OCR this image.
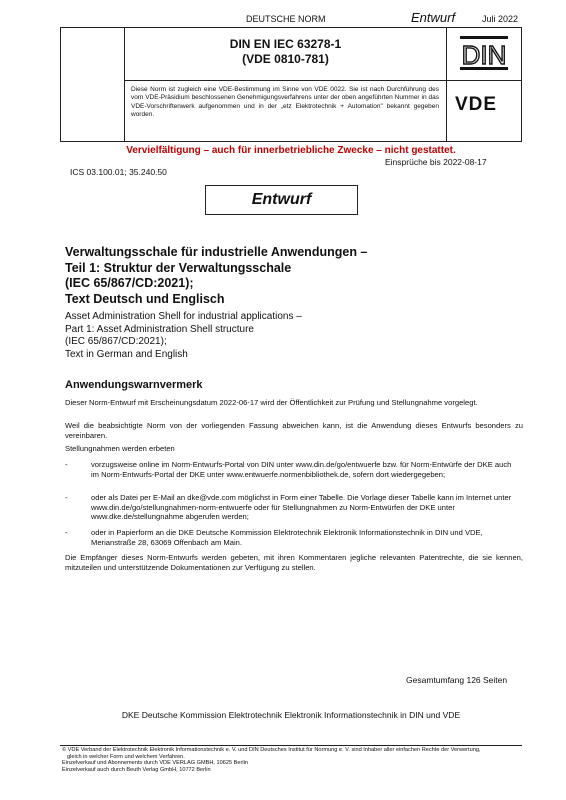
DEUTSCHE NORM	Entwurf	Juli 2022
DIN EN IEC 63278-1
(VDE 0810-781)
Diese Norm ist zugleich eine VDE-Bestimmung im Sinne von VDE 0022. Sie ist nach Durchführung des vom VDE-Präsidium beschlossenen Genehmigungsverfahrens unter der oben angeführten Nummer in das VDE-Vorschriftenwerk aufgenommen und in der „etz Elektrotechnik + Automation" bekannt gegeben worden.
DIN
VDE
Vervielfältigung – auch für innerbetriebliche Zwecke – nicht gestattet.
Einsprüche bis 2022-08-17
ICS 03.100.01; 35.240.50
Entwurf
Verwaltungsschale für industrielle Anwendungen –
Teil 1: Struktur der Verwaltungsschale
(IEC 65/867/CD:2021);
Text Deutsch und Englisch
Asset Administration Shell for industrial applications –
Part 1: Asset Administration Shell structure
(IEC 65/867/CD:2021);
Text in German and English
Anwendungswarnvermerk
Dieser Norm-Entwurf mit Erscheinungsdatum 2022-06-17 wird der Öffentlichkeit zur Prüfung und Stellungnahme vorgelegt.
Weil die beabsichtigte Norm von der vorliegenden Fassung abweichen kann, ist die Anwendung dieses Entwurfs besonders zu vereinbaren.
Stellungnahmen werden erbeten
-	vorzugsweise online im Norm-Entwurfs-Portal von DIN unter www.din.de/go/entwuerfe bzw. für Norm-Entwürfe der DKE auch im Norm-Entwurfs-Portal der DKE unter www.entwuerfe.normenbibliothek.de, sofern dort wiedergegeben;
-	oder als Datei per E-Mail an dke@vde.com möglichst in Form einer Tabelle. Die Vorlage dieser Tabelle kann im Internet unter www.din.de/go/stellungnahmen-norm-entwuerfe oder für Stellungnahmen zu Norm-Entwürfen der DKE unter www.dke.de/stellungnahme abgerufen werden;
-	oder in Papierform an die DKE Deutsche Kommission Elektrotechnik Elektronik Informationstechnik in DIN und VDE, Merianstraße 28, 63069 Offenbach am Main.
Die Empfänger dieses Norm-Entwurfs werden gebeten, mit ihren Kommentaren jegliche relevanten Patentrechte, die sie kennen, mitzuteilen und unterstützende Dokumentationen zur Verfügung zu stellen.
Gesamtumfang 126 Seiten
DKE Deutsche Kommission Elektrotechnik Elektronik Informationstechnik in DIN und VDE
© VDE Verband der Elektrotechnik Elektronik Informationstechnik e. V. und DIN Deutsches Institut für Normung e. V. sind Inhaber aller einfachen Rechte der Verwertung,
gleich in welcher Form und welchem Verfahren.
Einzelverkauf und Abonnements durch VDE VERLAG GMBH, 10625 Berlin
Einzelverkauf auch durch Beuth Verlag GmbH, 10772 Berlin
